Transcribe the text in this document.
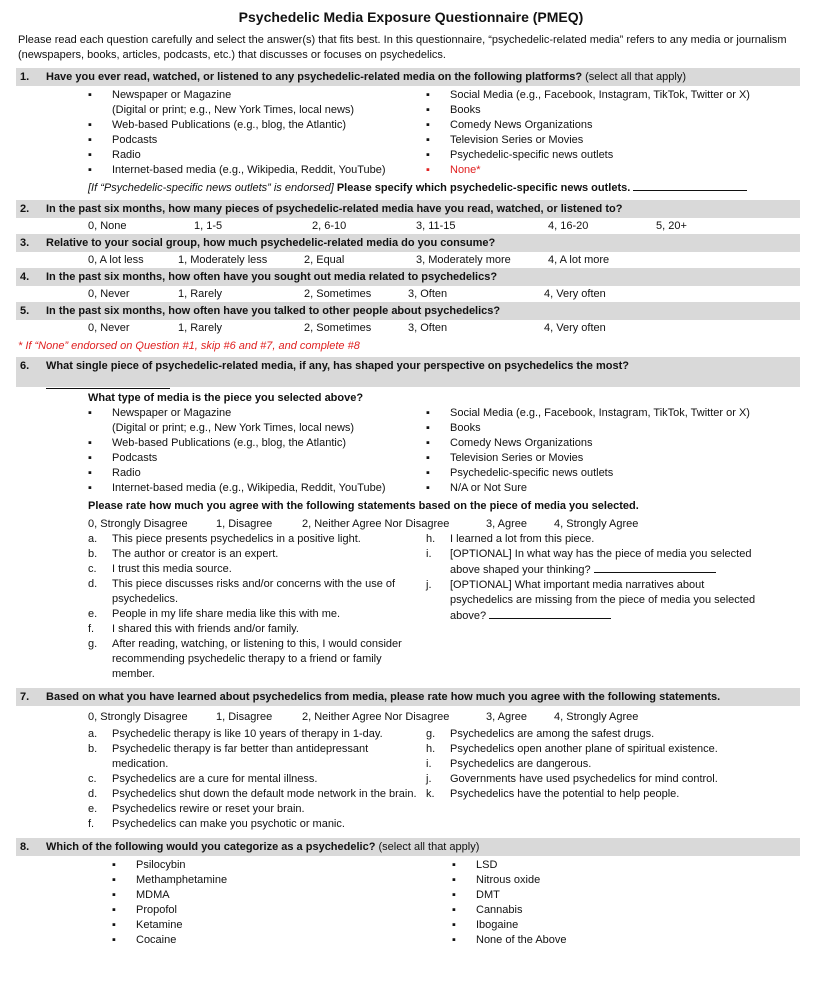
Psychedelic Media Exposure Questionnaire (PMEQ)
Please read each question carefully and select the answer(s) that fits best. In this questionnaire, “psychedelic-related media” refers to any media or journalism (newspapers, books, articles, podcasts, etc.) that discusses or focuses on psychedelics.
1.	Have you ever read, watched, or listened to any psychedelic-related media on the following platforms? (select all that apply)
▪ Newspaper or Magazine
(Digital or print; e.g., New York Times, local news)
▪ Web-based Publications (e.g., blog, the Atlantic)
▪ Podcasts
▪ Radio
▪ Internet-based media (e.g., Wikipedia, Reddit, YouTube)
▪ Social Media (e.g., Facebook, Instagram, TikTok, Twitter or X)
▪ Books
▪ Comedy News Organizations
▪ Television Series or Movies
▪ Psychedelic-specific news outlets
▪ None*
[If “Psychedelic-specific news outlets” is endorsed] Please specify which psychedelic-specific news outlets.
2.	In the past six months, how many pieces of psychedelic-related media have you read, watched, or listened to?
0, None	1, 1-5	2, 6-10	3, 11-15	4, 16-20	5, 20+
3.	Relative to your social group, how much psychedelic-related media do you consume?
0, A lot less	1, Moderately less	2, Equal	3, Moderately more	4, A lot more
4.	In the past six months, how often have you sought out media related to psychedelics?
0, Never	1, Rarely	2, Sometimes	3, Often	4, Very often
5.	In the past six months, how often have you talked to other people about psychedelics?
0, Never	1, Rarely	2, Sometimes	3, Often	4, Very often
* If “None” endorsed on Question #1, skip #6 and #7, and complete #8
6.	What single piece of psychedelic-related media, if any, has shaped your perspective on psychedelics the most?
What type of media is the piece you selected above?
▪ Newspaper or Magazine
(Digital or print; e.g., New York Times, local news)
▪ Web-based Publications (e.g., blog, the Atlantic)
▪ Podcasts
▪ Radio
▪ Internet-based media (e.g., Wikipedia, Reddit, YouTube)
▪ Social Media (e.g., Facebook, Instagram, TikTok, Twitter or X)
▪ Books
▪ Comedy News Organizations
▪ Television Series or Movies
▪ Psychedelic-specific news outlets
▪ N/A or Not Sure
Please rate how much you agree with the following statements based on the piece of media you selected.
0, Strongly Disagree	1, Disagree	2, Neither Agree Nor Disagree	3, Agree	4, Strongly Agree
a. This piece presents psychedelics in a positive light.
b. The author or creator is an expert.
c. I trust this media source.
d. This piece discusses risks and/or concerns with the use of psychedelics.
e. People in my life share media like this with me.
f. I shared this with friends and/or family.
g. After reading, watching, or listening to this, I would consider recommending psychedelic therapy to a friend or family member.
h. I learned a lot from this piece.
i. [OPTIONAL] In what way has the piece of media you selected above shaped your thinking?
j. [OPTIONAL] What important media narratives about psychedelics are missing from the piece of media you selected above?
7.	Based on what you have learned about psychedelics from media, please rate how much you agree with the following statements.
0, Strongly Disagree	1, Disagree	2, Neither Agree Nor Disagree	3, Agree	4, Strongly Agree
a. Psychedelic therapy is like 10 years of therapy in 1-day.
b. Psychedelic therapy is far better than antidepressant medication.
c. Psychedelics are a cure for mental illness.
d. Psychedelics shut down the default mode network in the brain.
e. Psychedelics rewire or reset your brain.
f. Psychedelics can make you psychotic or manic.
g. Psychedelics are among the safest drugs.
h. Psychedelics open another plane of spiritual existence.
i. Psychedelics are dangerous.
j. Governments have used psychedelics for mind control.
k. Psychedelics have the potential to help people.
8.	Which of the following would you categorize as a psychedelic? (select all that apply)
▪ Psilocybin
▪ Methamphetamine
▪ MDMA
▪ Propofol
▪ Ketamine
▪ Cocaine
▪ LSD
▪ Nitrous oxide
▪ DMT
▪ Cannabis
▪ Ibogaine
▪ None of the Above
